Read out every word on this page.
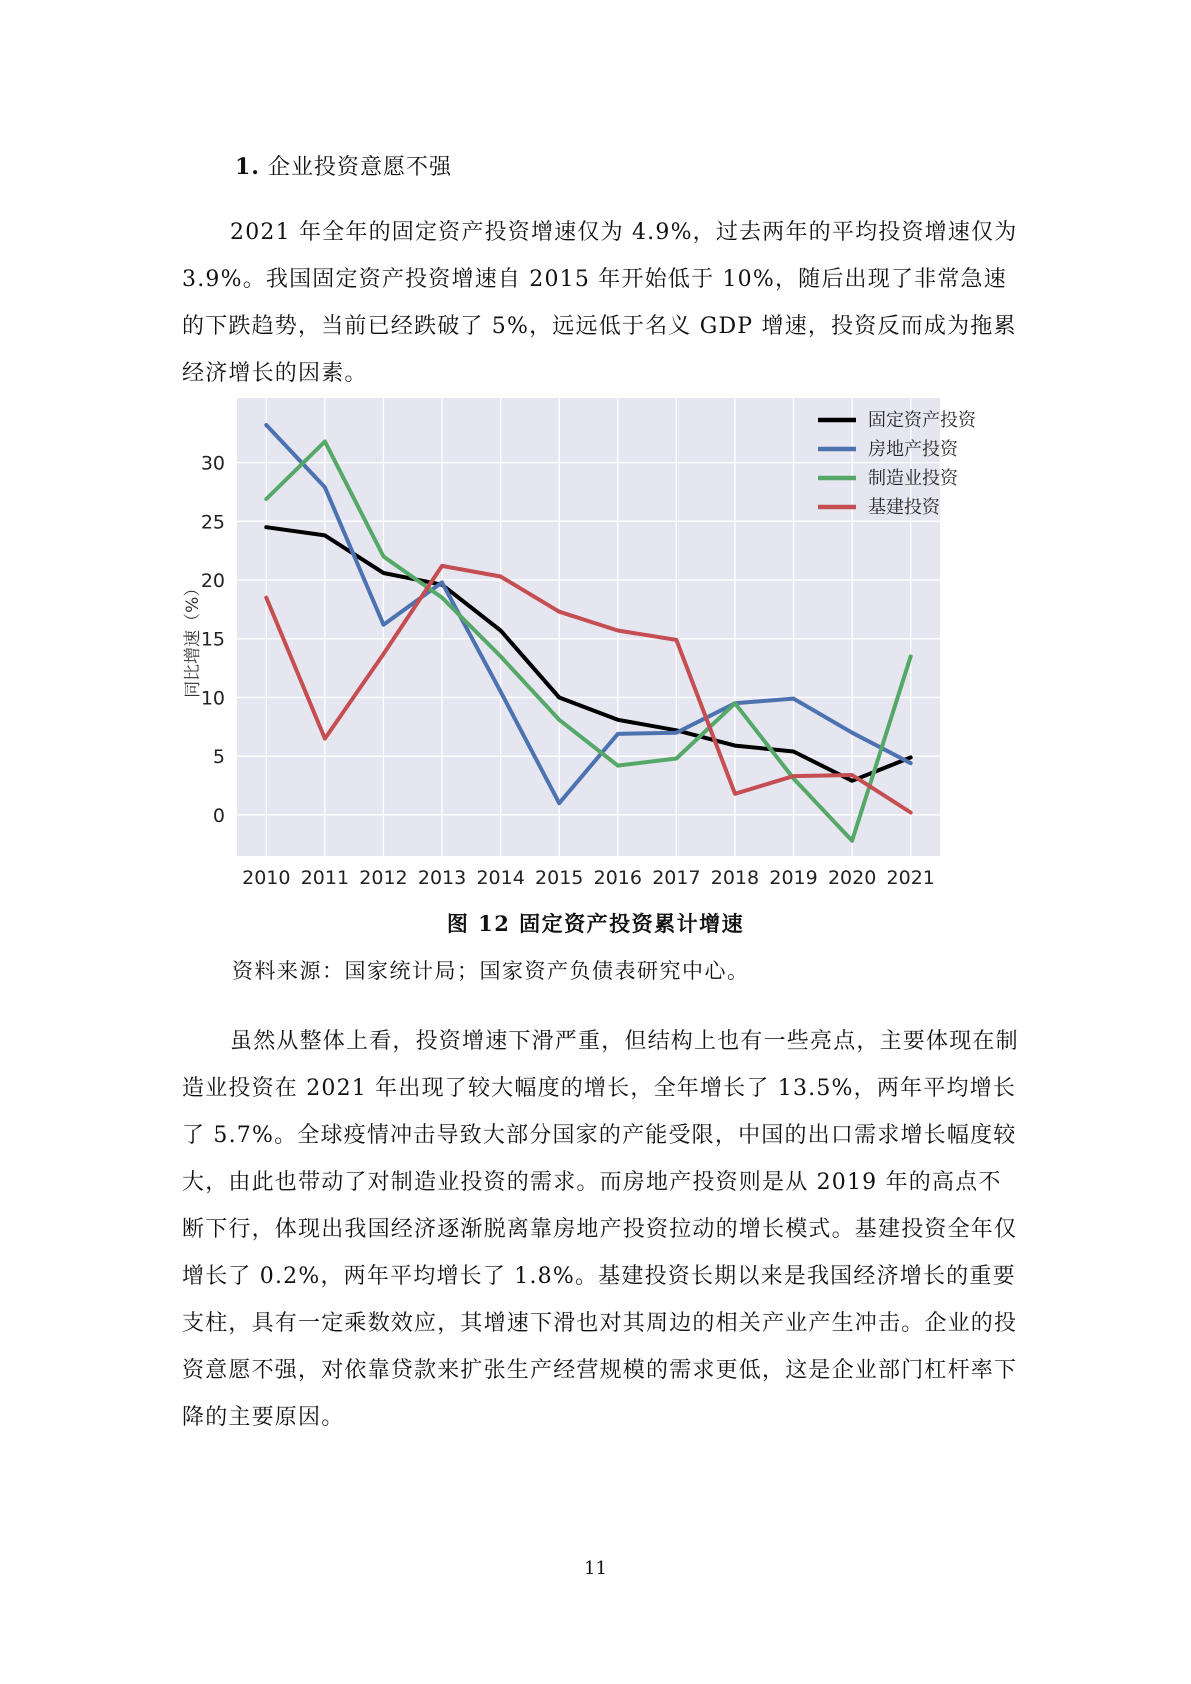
1. 企业投资意愿不强

2021 年全年的固定资产投资增速仅为 4.9%，过去两年的平均投资增速仅为 3.9%。我国固定资产投资增速自 2015 年开始低于 10%，随后出现了非常急速的下跌趋势，当前已经跌破了 5%，远远低于名义 GDP 增速，投资反而成为拖累经济增长的因素。

0
5
10
15
20
25
30
2010 2011 2012 2013 2014 2015 2016 2017 2018 2019 2020 2021
同比增速（%）
固定资产投资
房地产投资
制造业投资
基建投资
图 12 固定资产投资累计增速
资料来源：国家统计局；国家资产负债表研究中心。

虽然从整体上看，投资增速下滑严重，但结构上也有一些亮点，主要体现在制造业投资在 2021 年出现了较大幅度的增长，全年增长了 13.5%，两年平均增长了 5.7%。全球疫情冲击导致大部分国家的产能受限，中国的出口需求增长幅度较大，由此也带动了对制造业投资的需求。而房地产投资则是从 2019 年的高点不断下行，体现出我国经济逐渐脱离靠房地产投资拉动的增长模式。基建投资全年仅增长了 0.2%，两年平均增长了 1.8%。基建投资长期以来是我国经济增长的重要支柱，具有一定乘数效应，其增速下滑也对其周边的相关产业产生冲击。企业的投资意愿不强，对依靠贷款来扩张生产经营规模的需求更低，这是企业部门杠杆率下降的主要原因。

11
